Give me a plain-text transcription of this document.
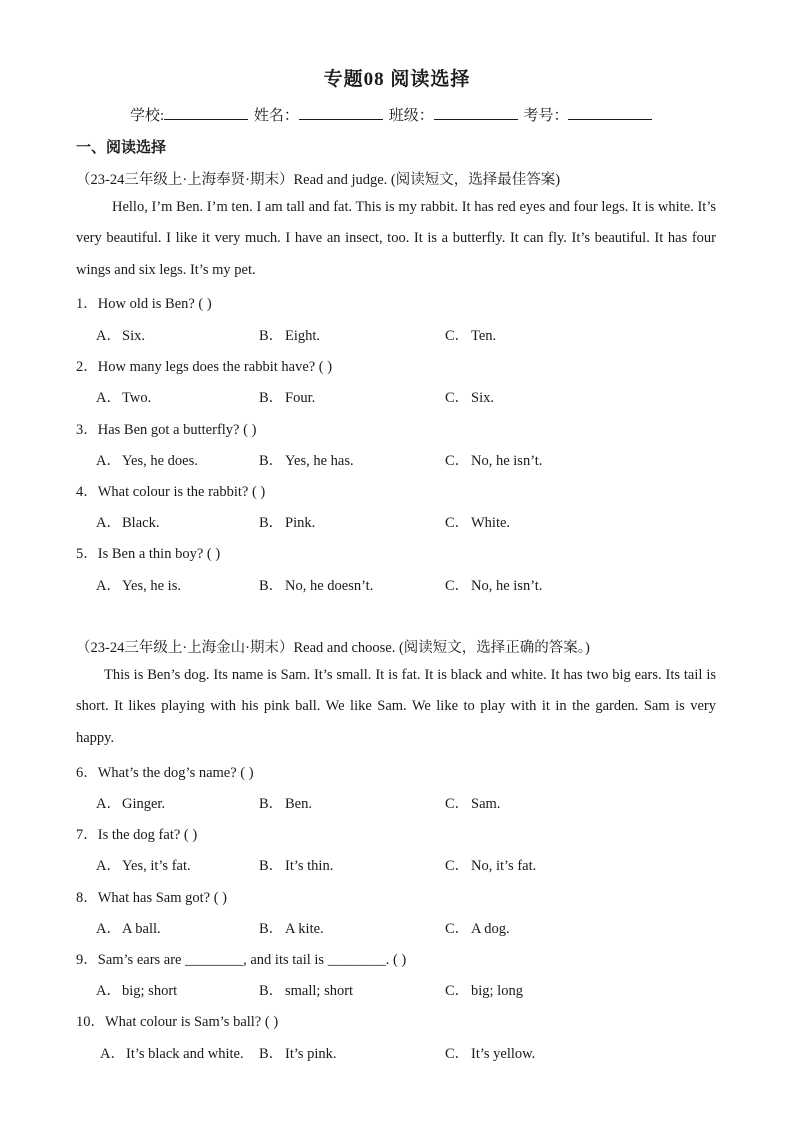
专题08 阅读选择
学校:	姓名：	班级：	考号：
一、阅读选择
（23-24三年级上·上海奉贤·期末）Read and judge. (阅读短文，选择最佳答案)
Hello, I’m Ben. I’m ten. I am tall and fat. This is my rabbit. It has red eyes and four legs. It is white. It’s very beautiful. I like it very much. I have an insect, too. It is a butterfly. It can fly. It’s beautiful. It has four wings and six legs. It’s my pet.
1．How old is Ben? ( )
A．Six.	B． Eight.	C． Ten.
2．How many legs does the rabbit have? ( )
A．Two.	B． Four.	C． Six.
3．Has Ben got a butterfly? ( )
A．Yes, he does.	B． Yes, he has.	C． No, he isn’t.
4．What colour is the rabbit? ( )
A．Black.	B． Pink.	C． White.
5．Is Ben a thin boy? ( )
A．Yes, he is.	B． No, he doesn’t.	C． No, he isn’t.
（23-24三年级上·上海金山·期末）Read and choose. (阅读短文，选择正确的答案。)
This is Ben’s dog. Its name is Sam. It’s small. It is fat. It is black and white. It has two big ears. Its tail is short. It likes playing with his pink ball. We like Sam. We like to play with it in the garden. Sam is very happy.
6．What’s the dog’s name? ( )
A．Ginger.	B． Ben.	C． Sam.
7．Is the dog fat? ( )
A．Yes, it’s fat.	B． It’s thin.	C． No, it’s fat.
8．What has Sam got? ( )
A．A ball.	B． A kite.	C． A dog.
9．Sam’s ears are ________, and its tail is ________. ( )
A．big; short	B． small; short	C． big; long
10．What colour is Sam’s ball? ( )
A．It’s black and white. B． It’s pink.	C． It’s yellow.
